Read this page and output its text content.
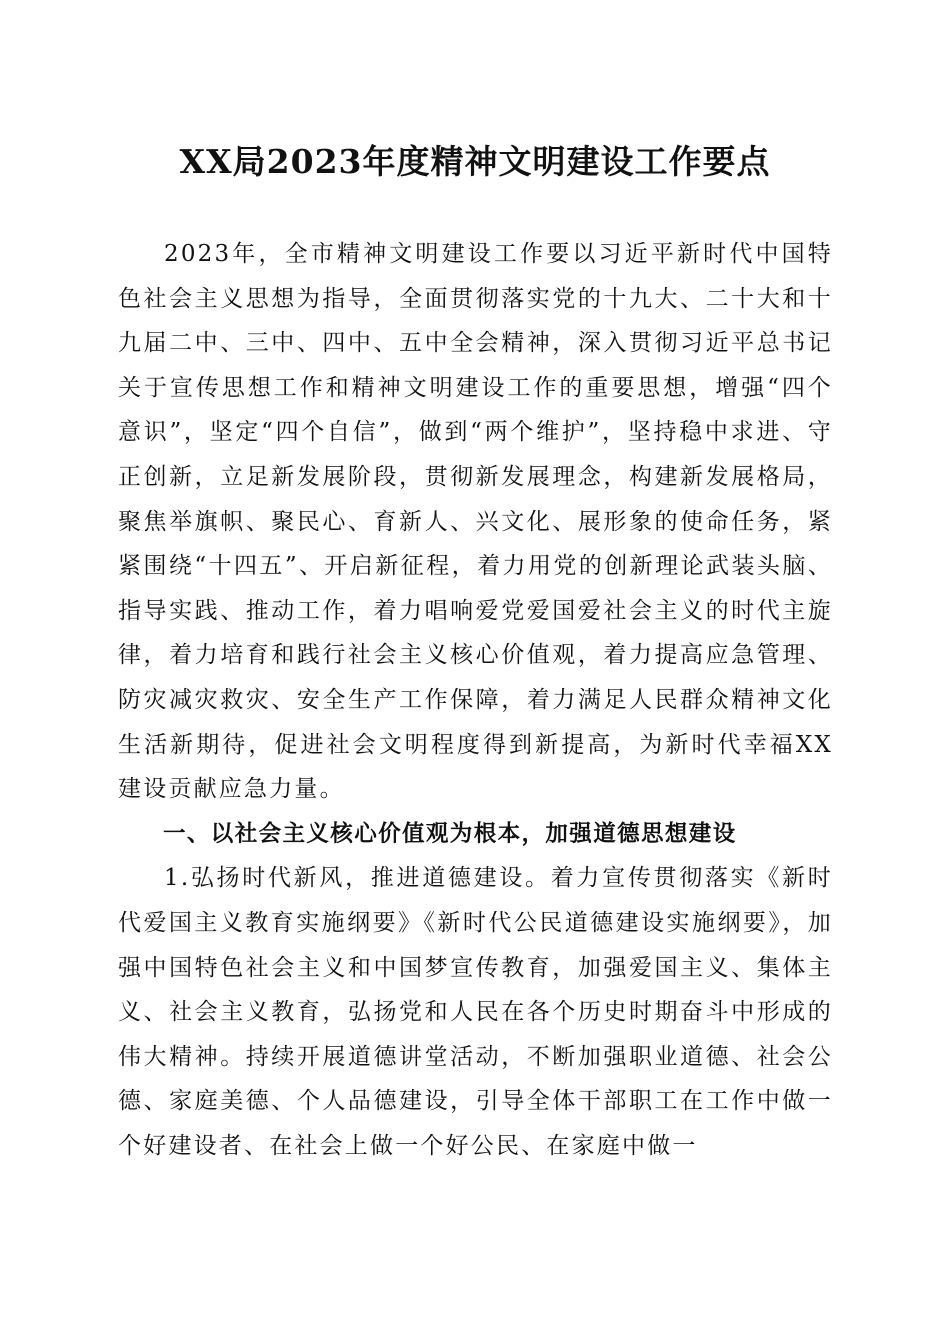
XX局2023年度精神文明建设工作要点

2023年，全市精神文明建设工作要以习近平新时代中国特色社会主义思想为指导，全面贯彻落实党的十九大、二十大和十九届二中、三中、四中、五中全会精神，深入贯彻习近平总书记关于宣传思想工作和精神文明建设工作的重要思想，增强“四个意识”，坚定“四个自信”，做到“两个维护”，坚持稳中求进、守正创新，立足新发展阶段，贯彻新发展理念，构建新发展格局，聚焦举旗帜、聚民心、育新人、兴文化、展形象的使命任务，紧紧围绕“十四五”、开启新征程，着力用党的创新理论武装头脑、指导实践、推动工作，着力唱响爱党爱国爱社会主义的时代主旋律，着力培育和践行社会主义核心价值观，着力提高应急管理、防灾减灾救灾、安全生产工作保障，着力满足人民群众精神文化生活新期待，促进社会文明程度得到新提高，为新时代幸福XX建设贡献应急力量。

一、以社会主义核心价值观为根本，加强道德思想建设

1.弘扬时代新风，推进道德建设。着力宣传贯彻落实《新时代爱国主义教育实施纲要》《新时代公民道德建设实施纲要》，加强中国特色社会主义和中国梦宣传教育，加强爱国主义、集体主义、社会主义教育，弘扬党和人民在各个历史时期奋斗中形成的伟大精神。持续开展道德讲堂活动，不断加强职业道德、社会公德、家庭美德、个人品德建设，引导全体干部职工在工作中做一个好建设者、在社会上做一个好公民、在家庭中做一
